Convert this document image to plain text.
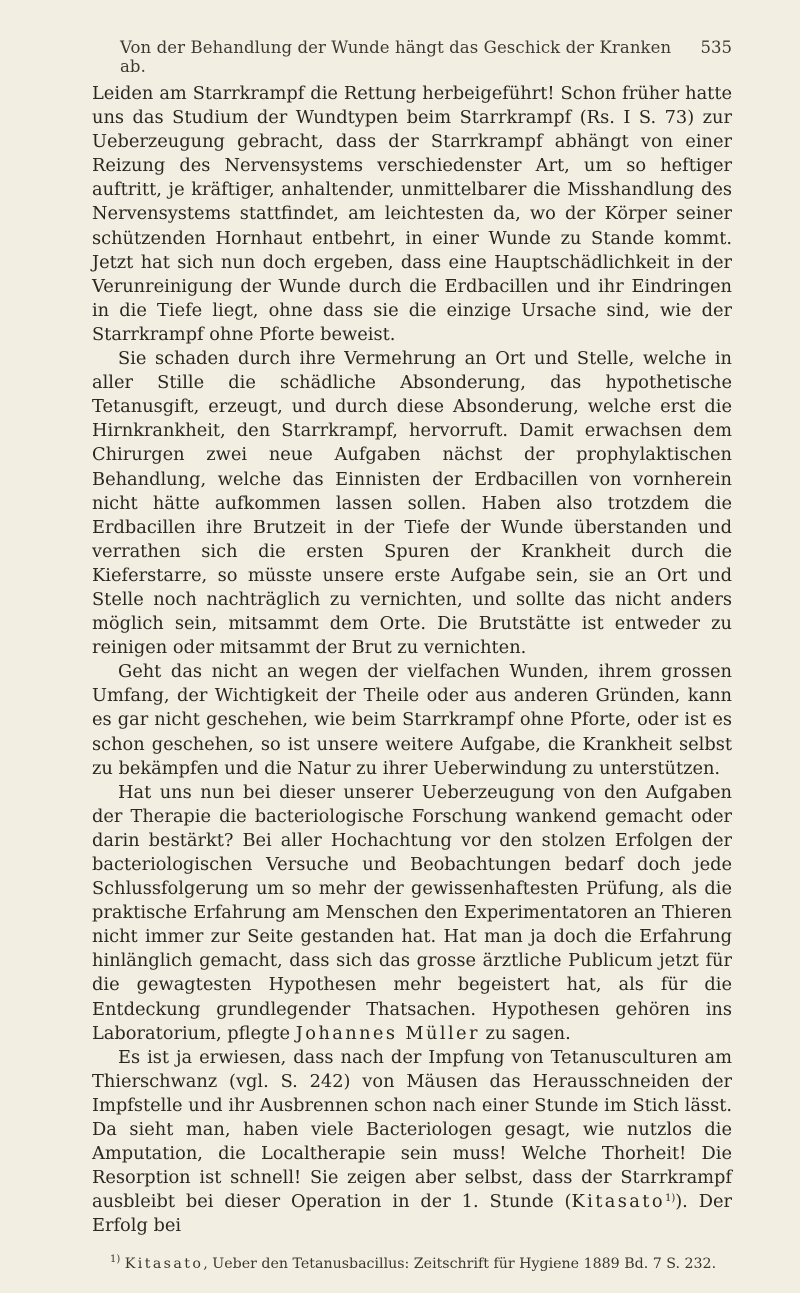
Von der Behandlung der Wunde hängt das Geschick der Kranken ab.
535

Leiden am Starrkrampf die Rettung herbeigeführt! Schon früher hatte uns das Studium der Wundtypen beim Starrkrampf (Rs. I S. 73) zur Ueberzeugung gebracht, dass der Starrkrampf abhängt von einer Reizung des Nervensystems verschiedenster Art, um so heftiger auftritt, je kräftiger, anhaltender, unmittelbarer die Misshandlung des Nervensystems stattfindet, am leichtesten da, wo der Körper seiner schützenden Hornhaut entbehrt, in einer Wunde zu Stande kommt. Jetzt hat sich nun doch ergeben, dass eine Hauptschädlichkeit in der Verunreinigung der Wunde durch die Erdbacillen und ihr Eindringen in die Tiefe liegt, ohne dass sie die einzige Ursache sind, wie der Starrkrampf ohne Pforte beweist.

Sie schaden durch ihre Vermehrung an Ort und Stelle, welche in aller Stille die schädliche Absonderung, das hypothetische Tetanusgift, erzeugt, und durch diese Absonderung, welche erst die Hirnkrankheit, den Starrkrampf, hervorruft. Damit erwachsen dem Chirurgen zwei neue Aufgaben nächst der prophylaktischen Behandlung, welche das Einnisten der Erdbacillen von vornherein nicht hätte aufkommen lassen sollen. Haben also trotzdem die Erdbacillen ihre Brutzeit in der Tiefe der Wunde überstanden und verrathen sich die ersten Spuren der Krankheit durch die Kieferstarre, so müsste unsere erste Aufgabe sein, sie an Ort und Stelle noch nachträglich zu vernichten, und sollte das nicht anders möglich sein, mitsammt dem Orte. Die Brutstätte ist entweder zu reinigen oder mitsammt der Brut zu vernichten.

Geht das nicht an wegen der vielfachen Wunden, ihrem grossen Umfang, der Wichtigkeit der Theile oder aus anderen Gründen, kann es gar nicht geschehen, wie beim Starrkrampf ohne Pforte, oder ist es schon geschehen, so ist unsere weitere Aufgabe, die Krankheit selbst zu bekämpfen und die Natur zu ihrer Ueberwindung zu unterstützen.

Hat uns nun bei dieser unserer Ueberzeugung von den Aufgaben der Therapie die bacteriologische Forschung wankend gemacht oder darin bestärkt? Bei aller Hochachtung vor den stolzen Erfolgen der bacteriologischen Versuche und Beobachtungen bedarf doch jede Schlussfolgerung um so mehr der gewissenhaftesten Prüfung, als die praktische Erfahrung am Menschen den Experimentatoren an Thieren nicht immer zur Seite gestanden hat. Hat man ja doch die Erfahrung hinlänglich gemacht, dass sich das grosse ärztliche Publicum jetzt für die gewagtesten Hypothesen mehr begeistert hat, als für die Entdeckung grundlegender Thatsachen. Hypothesen gehören ins Laboratorium, pflegte Johannes Müller zu sagen.

Es ist ja erwiesen, dass nach der Impfung von Tetanusculturen am Thierschwanz (vgl. S. 242) von Mäusen das Herausschneiden der Impfstelle und ihr Ausbrennen schon nach einer Stunde im Stich lässt. Da sieht man, haben viele Bacteriologen gesagt, wie nutzlos die Amputation, die Localtherapie sein muss! Welche Thorheit! Die Resorption ist schnell! Sie zeigen aber selbst, dass der Starrkrampf ausbleibt bei dieser Operation in der 1. Stunde (Kitasato$^{1)}$). Der Erfolg bei

$^{1)}$ Kitasato, Ueber den Tetanusbacillus: Zeitschrift für Hygiene 1889 Bd. 7 S. 232.
